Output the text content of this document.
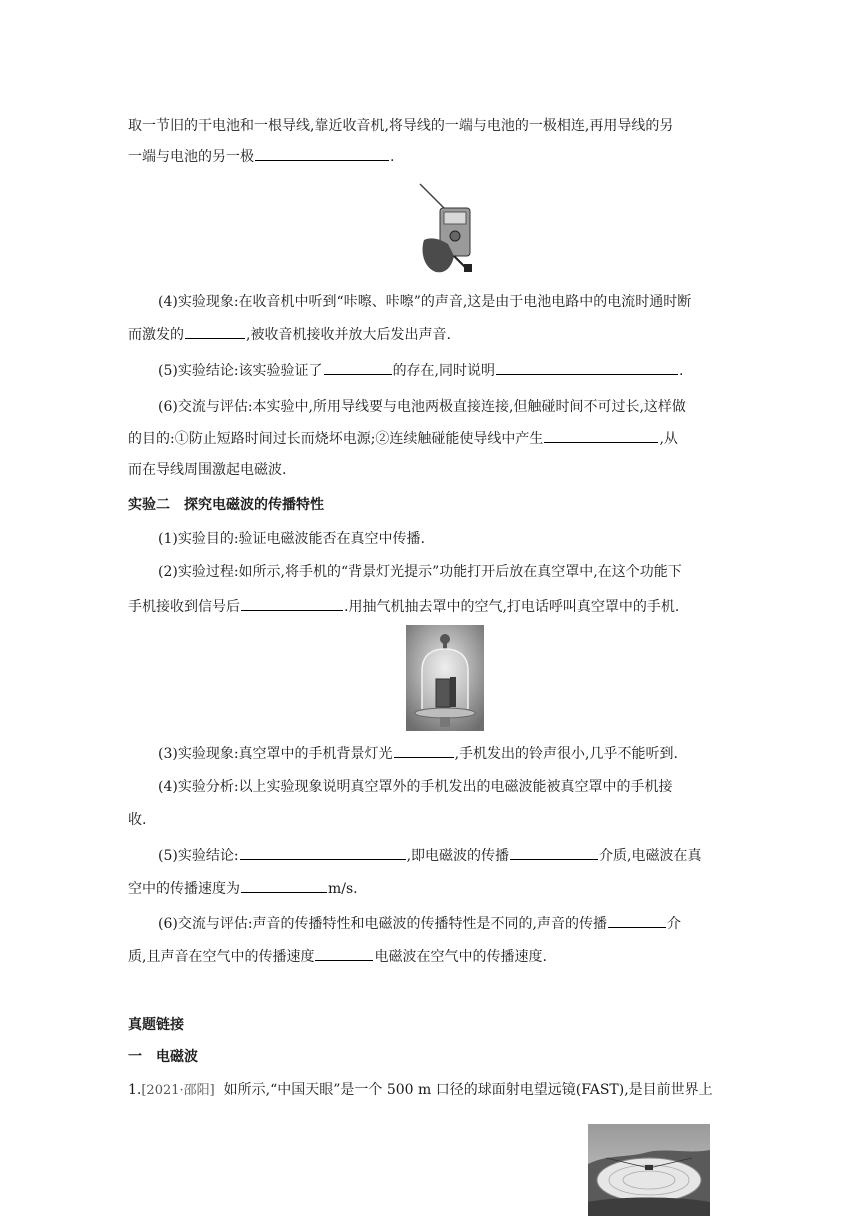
取一节旧的干电池和一根导线,靠近收音机,将导线的一端与电池的一极相连,再用导线的另
一端与电池的另一极	.
(4)实验现象:在收音机中听到“咔嚓、咔嚓”的声音,这是由于电池电路中的电流时通时断
而激发的	,被收音机接收并放大后发出声音.
(5)实验结论:该实验验证了	的存在,同时说明	.
(6)交流与评估:本实验中,所用导线要与电池两极直接连接,但触碰时间不可过长,这样做
的目的:①防止短路时间过长而烧坏电源;②连续触碰能使导线中产生	,从
而在导线周围激起电磁波.
实验二　探究电磁波的传播特性
(1)实验目的:验证电磁波能否在真空中传播.
(2)实验过程:如所示,将手机的“背景灯光提示”功能打开后放在真空罩中,在这个功能下
手机接收到信号后	.用抽气机抽去罩中的空气,打电话呼叫真空罩中的手机.
(3)实验现象:真空罩中的手机背景灯光	,手机发出的铃声很小,几乎不能听到.
(4)实验分析:以上实验现象说明真空罩外的手机发出的电磁波能被真空罩中的手机接
收.
(5)实验结论:	,即电磁波的传播	介质,电磁波在真
空中的传播速度为	m/s.
(6)交流与评估:声音的传播特性和电磁波的传播特性是不同的,声音的传播	介
质,且声音在空气中的传播速度	电磁波在空气中的传播速度.
真题链接
一　电磁波
1.[2021·邵阳] 如所示,“中国天眼”是一个 500 m 口径的球面射电望远镜(FAST),是目前世界上
